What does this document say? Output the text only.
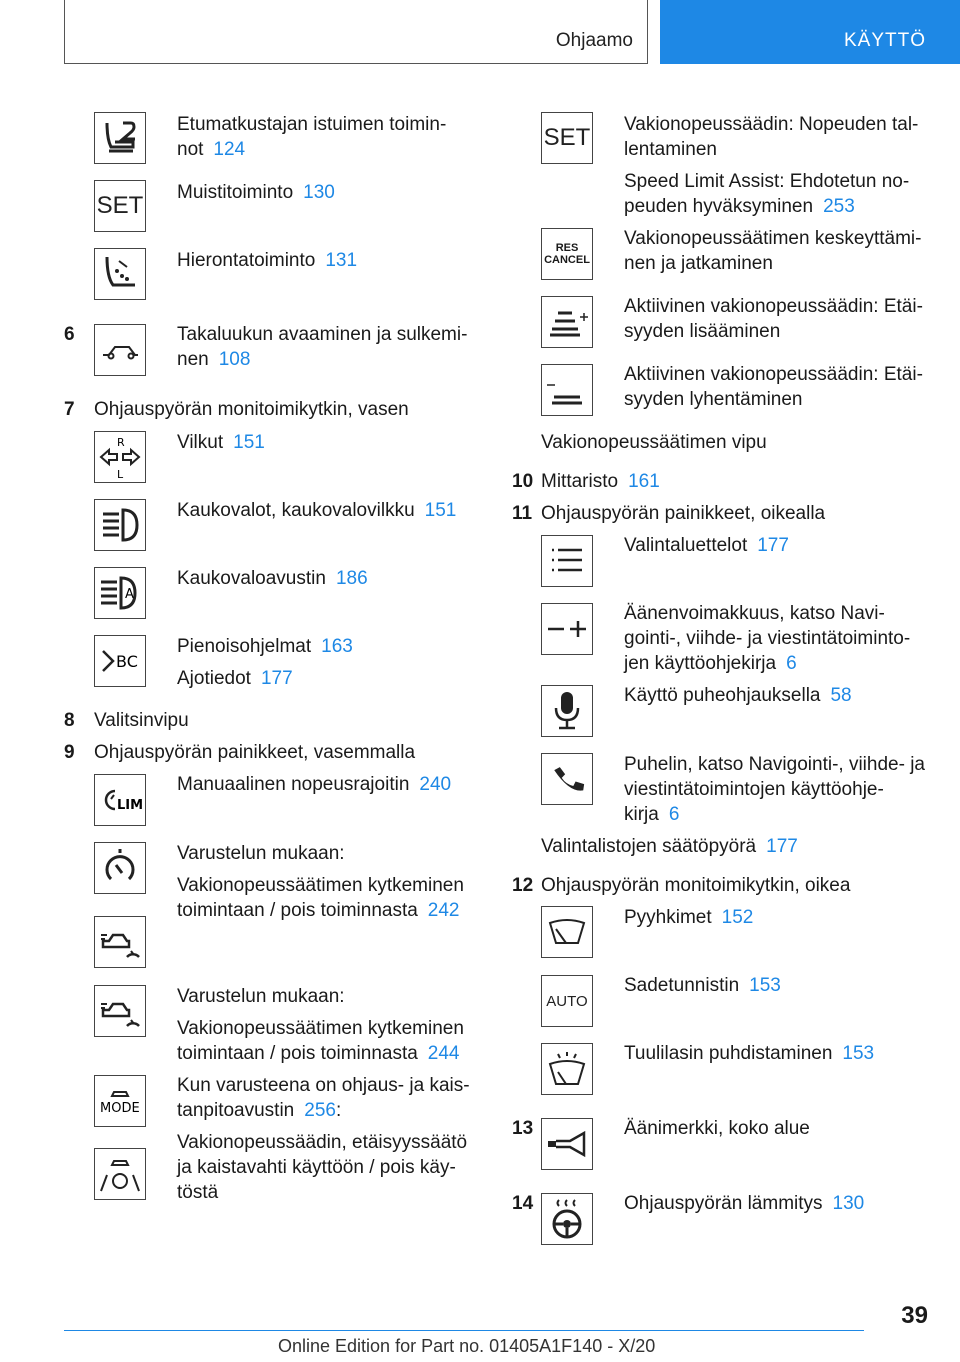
Ohjaamo	KÄYTTÖ
Etumatkustajan istuimen toimin-
not 124
SET Muistitoiminto 130
Hierontatoiminto 131
6	Takaluukun avaaminen ja sulkemi-
nen 108
7 Ohjauspyörän monitoimikytkin, vasen
R
L
Vilkut 151
Kaukovalot, kaukovalovilkku 151
A
Kaukovaloavustin 186
BC
Pienoisohjelmat 163
Ajotiedot 177
8 Valitsinvipu
9 Ohjauspyörän painikkeet, vasemmalla
LIM
Manuaalinen nopeusrajoitin 240
Varustelun mukaan:
Vakionopeussäätimen kytkeminen
toimintaan / pois toiminnasta 242
Varustelun mukaan:
Vakionopeussäätimen kytkeminen
toimintaan / pois toiminnasta 244
MODE
Kun varusteena on ohjaus- ja kais-
tanpitoavustin 256:
Vakionopeussäädin, etäisyyssäätö
ja kaistavahti käyttöön / pois käy-
töstä
SET Vakionopeussäädin: Nopeuden tal-
lentaminen
Speed Limit Assist: Ehdotetun no-
peuden hyväksyminen 253
RES
CANCEL
Vakionopeussäätimen keskeyttämi-
nen ja jatkaminen
Aktiivinen vakionopeussäädin: Etäi-
syyden lisääminen
Aktiivinen vakionopeussäädin: Etäi-
syyden lyhentäminen
Vakionopeussäätimen vipu
10 Mittaristo 161
11 Ohjauspyörän painikkeet, oikealla
Valintaluettelot 177
Äänenvoimakkuus, katso Navi-
gointi-, viihde- ja viestintätoiminto-
jen käyttöohjekirja 6
Käyttö puheohjauksella 58
Puhelin, katso Navigointi-, viihde- ja
viestintätoimintojen käyttöohje-
kirja 6
Valintalistojen säätöpyörä 177
12 Ohjauspyörän monitoimikytkin, oikea
Pyyhkimet 152
AUTO
Sadetunnistin 153
Tuulilasin puhdistaminen 153
13	Äänimerkki, koko alue
14	Ohjauspyörän lämmitys 130
39
Online Edition for Part no. 01405A1F140 - X/20
